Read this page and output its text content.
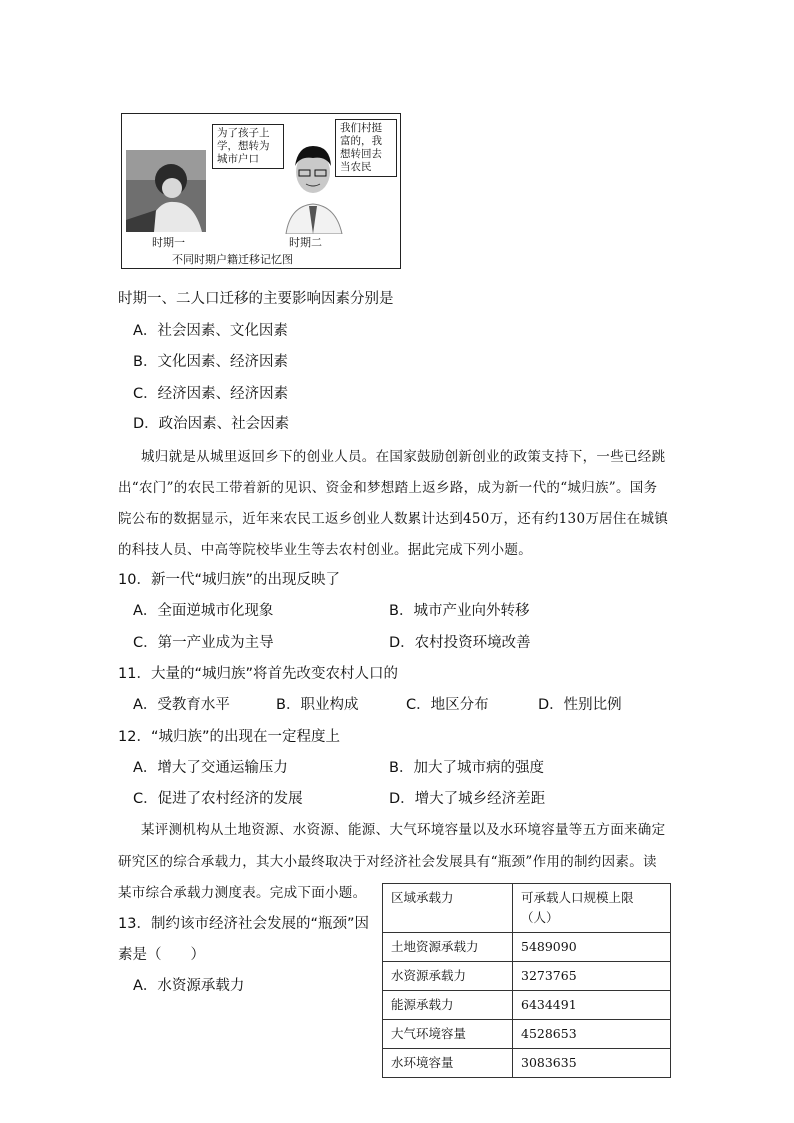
为了孩子上学，想转为城市户口
我们村挺富的，我想转回去当农民
时期一	时期二
不同时期户籍迁移记忆图
时期一、二人口迁移的主要影响因素分别是
A．社会因素、文化因素
B．文化因素、经济因素
C．经济因素、经济因素
D．政治因素、社会因素
城归就是从城里返回乡下的创业人员。在国家鼓励创新创业的政策支持下，一些已经跳
出“农门”的农民工带着新的见识、资金和梦想踏上返乡路，成为新一代的“城归族”。国务
院公布的数据显示，近年来农民工返乡创业人数累计达到450万，还有约130万居住在城镇
的科技人员、中高等院校毕业生等去农村创业。据此完成下列小题。
10．新一代“城归族”的出现反映了
A．全面逆城市化现象	B．城市产业向外转移
C．第一产业成为主导	D．农村投资环境改善
11．大量的“城归族”将首先改变农村人口的
A．受教育水平	B．职业构成	C．地区分布	D．性别比例
12．“城归族”的出现在一定程度上
A．增大了交通运输压力	B．加大了城市病的强度
C．促进了农村经济的发展	D．增大了城乡经济差距
某评测机构从土地资源、水资源、能源、大气环境容量以及水环境容量等五方面来确定
研究区的综合承载力，其大小最终取决于对经济社会发展具有“瓶颈”作用的制约因素。读
某市综合承载力测度表。完成下面小题。
13．制约该市经济社会发展的“瓶颈”因
素是（　　）
A．水资源承载力
区域承载力	可承载人口规模上限（人）
土地资源承载力	5489090
水资源承载力	3273765
能源承载力	6434491
大气环境容量	4528653
水环境容量	3083635
